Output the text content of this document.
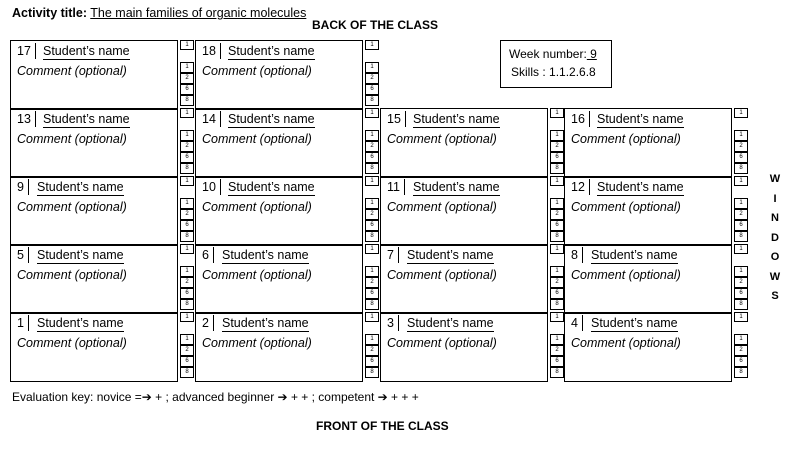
Activity title: The main families of organic molecules
BACK OF THE CLASS
Week number: 9
Skills : 1.1.2.6.8
W
I
N
D
O
W
S
17 Student’s name
Comment (optional)
1
1
2
6
8
18 Student’s name
Comment (optional)
1
1
2
6
8
13 Student’s name
Comment (optional)
1
1
2
6
8
14 Student’s name
Comment (optional)
1
1
2
6
8
15 Student’s name
Comment (optional)
1
1
2
6
8
16 Student’s name
Comment (optional)
1
1
2
6
8
9	Student’s name
Comment (optional)
1
1
2
6
8
10 Student’s name
Comment (optional)
1
1
2
6
8
11	Student’s name
Comment (optional)
1
1
2
6
8
12 Student’s name
Comment (optional)
1
1
2
6
8
5	Student’s name
Comment (optional)
1
1
2
6
8
6	Student’s name
Comment (optional)
1
1
2
6
8
7	Student’s name
Comment (optional)
1
1
2
6
8
8	Student’s name
Comment (optional)
1
1
2
6
8
1	Student’s name
Comment (optional)
1
1
2
6
8
2	Student’s name
Comment (optional)
1
1
2
6
8
3	Student’s name
Comment (optional)
1
1
2
6
8
4	Student’s name
Comment (optional)
1
1
2
6
8
Evaluation key: novice =➔ + ; advanced beginner ➔ + + ; competent ➔ + + +
FRONT OF THE CLASS
